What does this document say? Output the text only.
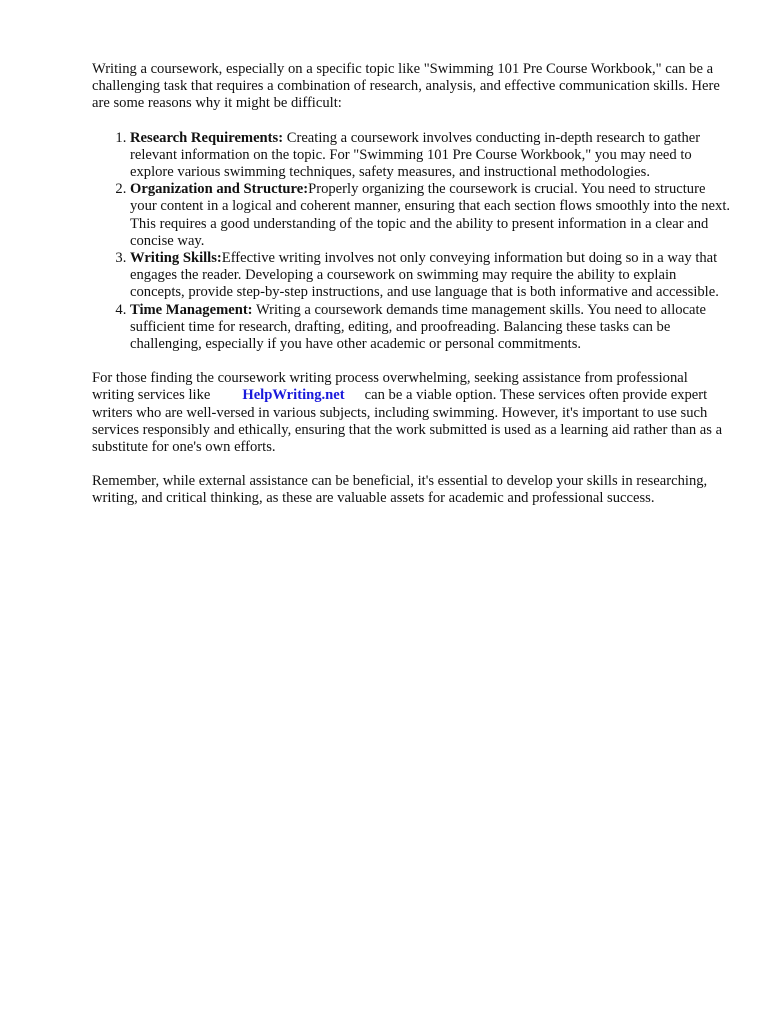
Writing a coursework, especially on a specific topic like "Swimming 101 Pre Course Workbook," can be a challenging task that requires a combination of research, analysis, and effective communication skills. Here are some reasons why it might be difficult:

1. Research Requirements: Creating a coursework involves conducting in-depth research to gather relevant information on the topic. For "Swimming 101 Pre Course Workbook," you may need to explore various swimming techniques, safety measures, and instructional methodologies.
2. Organization and Structure:Properly organizing the coursework is crucial. You need to structure your content in a logical and coherent manner, ensuring that each section flows smoothly into the next. This requires a good understanding of the topic and the ability to present information in a clear and concise way.
3. Writing Skills:Effective writing involves not only conveying information but doing so in a way that engages the reader. Developing a coursework on swimming may require the ability to explain concepts, provide step-by-step instructions, and use language that is both informative and accessible.
4. Time Management: Writing a coursework demands time management skills. You need to allocate sufficient time for research, drafting, editing, and proofreading. Balancing these tasks can be challenging, especially if you have other academic or personal commitments.

For those finding the coursework writing process overwhelming, seeking assistance from professional writing services like HelpWriting.net can be a viable option. These services often provide expert writers who are well-versed in various subjects, including swimming. However, it's important to use such services responsibly and ethically, ensuring that the work submitted is used as a learning aid rather than as a substitute for one's own efforts.

Remember, while external assistance can be beneficial, it's essential to develop your skills in researching, writing, and critical thinking, as these are valuable assets for academic and professional success.
